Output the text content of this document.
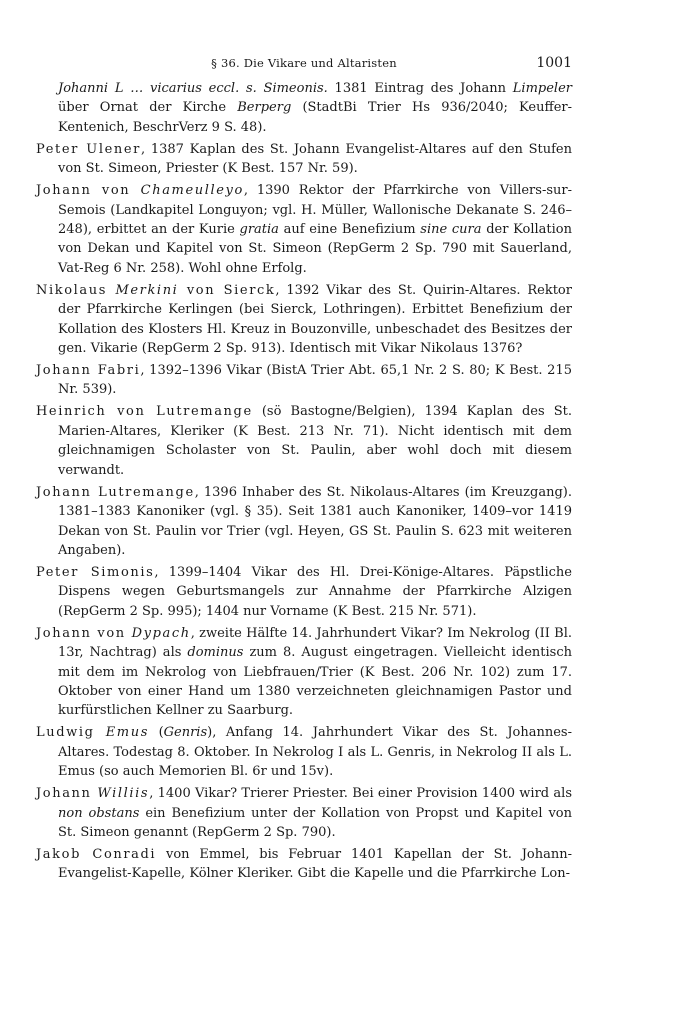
§ 36. Die Vikare und Altaristen	1001

Johanni L … vicarius eccl. s. Simeonis. 1381 Eintrag des Johann Limpeler über Ornat der Kirche Berperg (StadtBi Trier Hs 936/2040; Keuffer-Kentenich, BeschrVerz 9 S. 48).

Peter Ulener, 1387 Kaplan des St. Johann Evangelist-Altares auf den Stufen von St. Simeon, Priester (K Best. 157 Nr. 59).

Johann von Chameulleyo, 1390 Rektor der Pfarrkirche von Villers-sur-Semois (Landkapitel Longuyon; vgl. H. Müller, Wallonische Dekanate S. 246–248), erbittet an der Kurie gratia auf eine Benefizium sine cura der Kollation von Dekan und Kapitel von St. Simeon (RepGerm 2 Sp. 790 mit Sauerland, Vat-Reg 6 Nr. 258). Wohl ohne Erfolg.

Nikolaus Merkini von Sierck, 1392 Vikar des St. Quirin-Altares. Rektor der Pfarrkirche Kerlingen (bei Sierck, Lothringen). Erbittet Benefizium der Kollation des Klosters Hl. Kreuz in Bouzonville, unbeschadet des Besitzes der gen. Vikarie (RepGerm 2 Sp. 913). Identisch mit Vikar Nikolaus 1376?

Johann Fabri, 1392–1396 Vikar (BistA Trier Abt. 65,1 Nr. 2 S. 80; K Best. 215 Nr. 539).

Heinrich von Lutremange (sö Bastogne/Belgien), 1394 Kaplan des St. Marien-Altares, Kleriker (K Best. 213 Nr. 71). Nicht identisch mit dem gleichnamigen Scholaster von St. Paulin, aber wohl doch mit diesem verwandt.

Johann Lutremange, 1396 Inhaber des St. Nikolaus-Altares (im Kreuzgang). 1381–1383 Kanoniker (vgl. § 35). Seit 1381 auch Kanoniker, 1409–vor 1419 Dekan von St. Paulin vor Trier (vgl. Heyen, GS St. Paulin S. 623 mit weiteren Angaben).

Peter Simonis, 1399–1404 Vikar des Hl. Drei-Könige-Altares. Päpstliche Dispens wegen Geburtsmangels zur Annahme der Pfarrkirche Alzigen (RepGerm 2 Sp. 995); 1404 nur Vorname (K Best. 215 Nr. 571).

Johann von Dypach, zweite Hälfte 14. Jahrhundert Vikar? Im Nekrolog (II Bl. 13r, Nachtrag) als dominus zum 8. August eingetragen. Vielleicht identisch mit dem im Nekrolog von Liebfrauen/Trier (K Best. 206 Nr. 102) zum 17. Oktober von einer Hand um 1380 verzeichneten gleichnamigen Pastor und kurfürstlichen Kellner zu Saarburg.

Ludwig Emus (Genris), Anfang 14. Jahrhundert Vikar des St. Johannes-Altares. Todestag 8. Oktober. In Nekrolog I als L. Genris, in Nekrolog II als L. Emus (so auch Memorien Bl. 6r und 15v).

Johann Williis, 1400 Vikar? Trierer Priester. Bei einer Provision 1400 wird als non obstans ein Benefizium unter der Kollation von Propst und Kapitel von St. Simeon genannt (RepGerm 2 Sp. 790).

Jakob Conradi von Emmel, bis Februar 1401 Kapellan der St. Johann-Evangelist-Kapelle, Kölner Kleriker. Gibt die Kapelle und die Pfarrkirche Lon-
